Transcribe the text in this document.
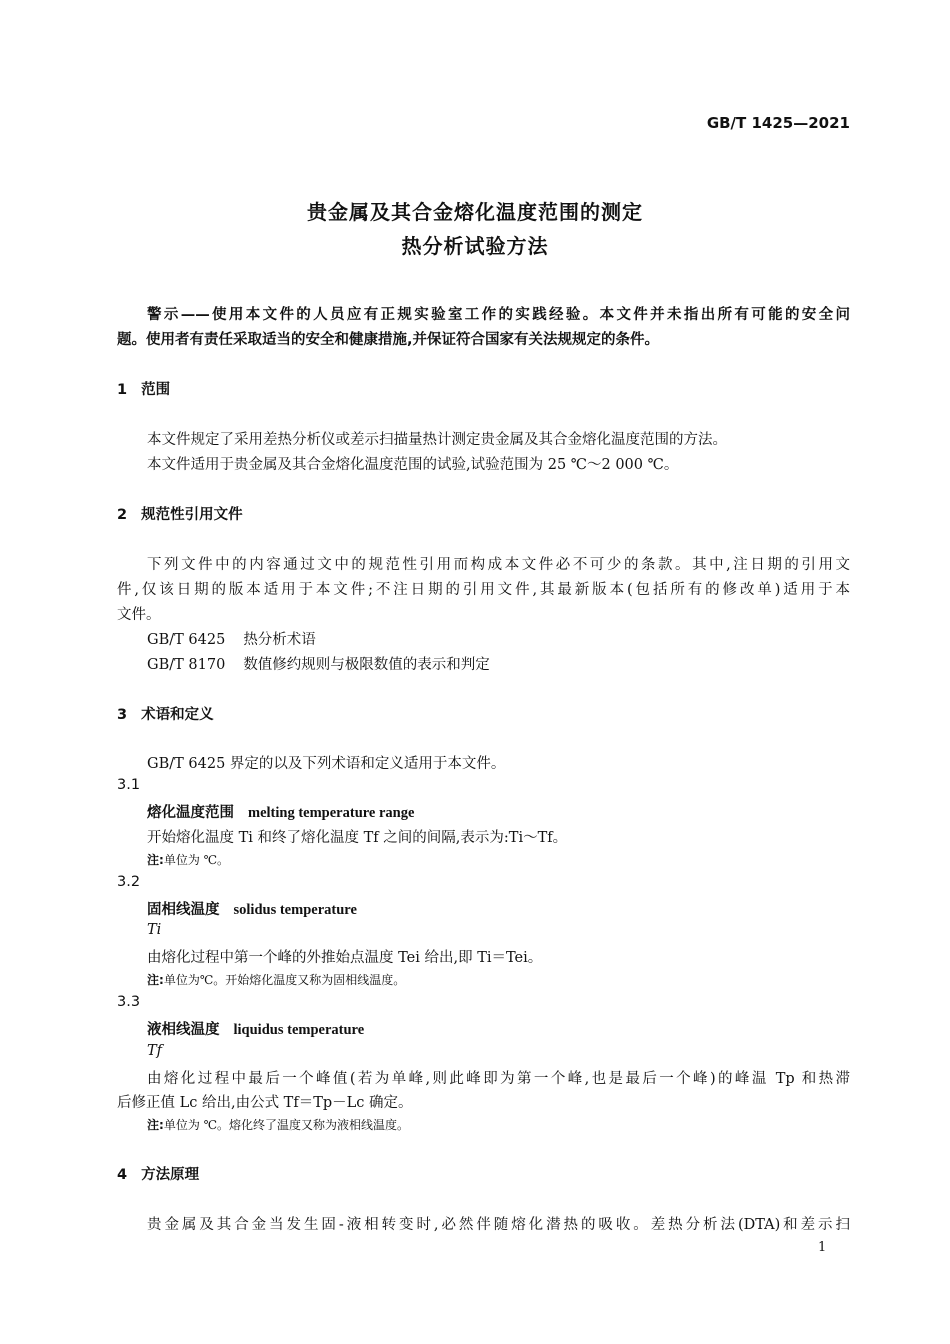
GB/T 1425—2021
贵金属及其合金熔化温度范围的测定
热分析试验方法
警示——使用本文件的人员应有正规实验室工作的实践经验。本文件并未指出所有可能的安全问
题。使用者有责任采取适当的安全和健康措施,并保证符合国家有关法规规定的条件。
1 范围
本文件规定了采用差热分析仪或差示扫描量热计测定贵金属及其合金熔化温度范围的方法。
本文件适用于贵金属及其合金熔化温度范围的试验,试验范围为 25 ℃～2 000 ℃。
2 规范性引用文件
下列文件中的内容通过文中的规范性引用而构成本文件必不可少的条款。其中,注日期的引用文
件,仅该日期的版本适用于本文件;不注日期的引用文件,其最新版本(包括所有的修改单)适用于本
文件。
GB/T 6425 热分析术语
GB/T 8170 数值修约规则与极限数值的表示和判定
3 术语和定义
GB/T 6425 界定的以及下列术语和定义适用于本文件。
3.1
熔化温度范围 melting temperature range
开始熔化温度 Ti 和终了熔化温度 Tf 之间的间隔,表示为:Ti～Tf。
注:单位为 ℃。
3.2
固相线温度 solidus temperature
Ti
由熔化过程中第一个峰的外推始点温度 Tei 给出,即 Ti＝Tei。
注:单位为℃。开始熔化温度又称为固相线温度。
3.3
液相线温度 liquidus temperature
Tf
由熔化过程中最后一个峰值(若为单峰,则此峰即为第一个峰,也是最后一个峰)的峰温 Tp 和热滞
后修正值 Lc 给出,由公式 Tf＝Tp－Lc 确定。
注:单位为 ℃。熔化终了温度又称为液相线温度。
4 方法原理
贵金属及其合金当发生固-液相转变时,必然伴随熔化潜热的吸收。差热分析法(DTA)和差示扫
1
